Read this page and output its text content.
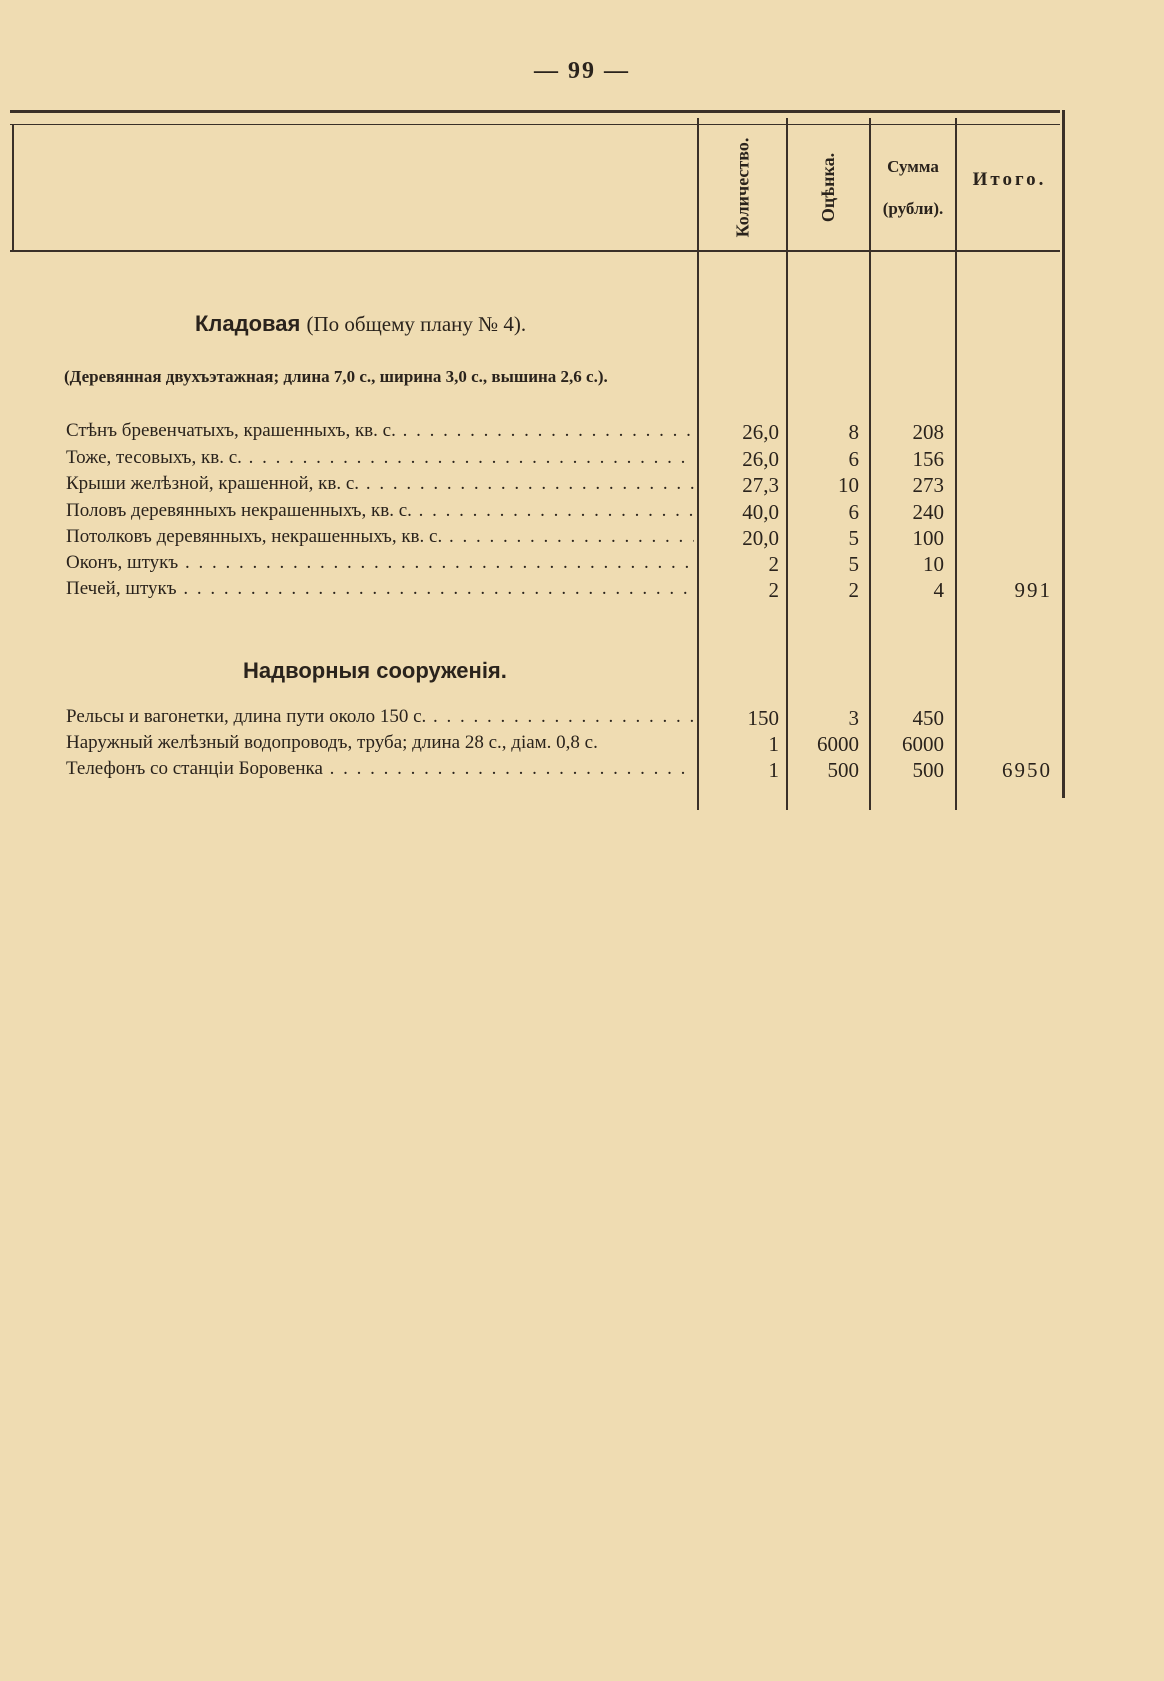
— 99 —
Количество.	Оцѣнка.	Сумма
(рубли).
Итого.
Кладовая (По общему плану № 4).
(Деревянная двухъэтажная; длина 7,0 с., ширина 3,0 с., вышина 2,6 с.).
Стѣнъ бревенчатыхъ, крашенныхъ, кв. с. . . .	26,0	8	208
Тоже, тесовыхъ, кв. с. . . .	26,0	6	156
Крыши желѣзной, крашенной, кв. с. . . .	27,3	10	273
Половъ деревянныхъ некрашенныхъ, кв. с. . . .	40,0	6	240
Потолковъ деревянныхъ, некрашенныхъ, кв. с. . . .	20,0	5	100
Оконъ, штукъ . . .	2	5	10
Печей, штукъ . . .	2	2	4	991
Надворныя сооруженія.
Рельсы и вагонетки, длина пути около 150 с. . . .	150	3	450
Наружный желѣзный водопроводъ, труба; длина 28 с., діам. 0,8 с.	1	6000	6000
Телефонъ со станціи Боровенка . . .	1	500	500	6950
